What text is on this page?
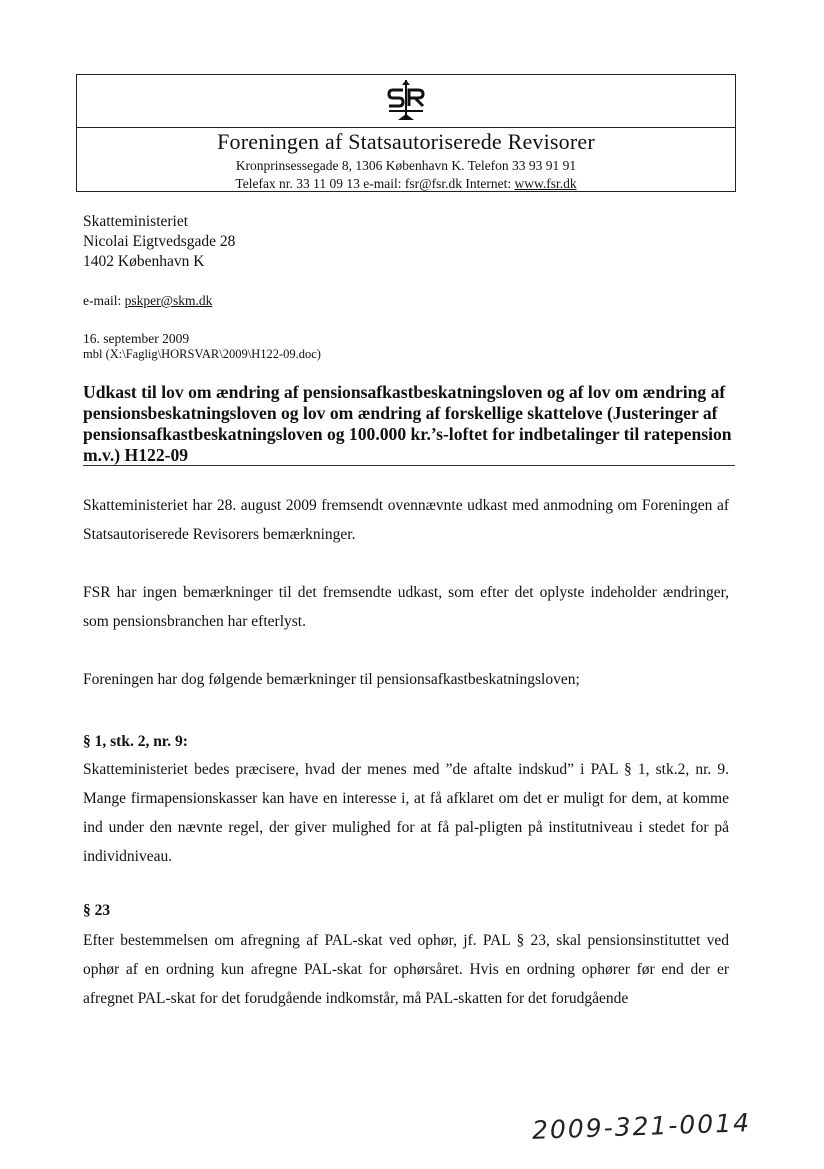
Foreningen af Statsautoriserede Revisorer
Kronprinsessegade 8, 1306 København K. Telefon 33 93 91 91
Telefax nr. 33 11 09 13 e-mail: fsr@fsr.dk Internet: www.fsr.dk
Skatteministeriet
Nicolai Eigtvedsgade 28
1402 København K
e-mail: pskper@skm.dk
16. september 2009
mbl (X:\Faglig\HORSVAR\2009\H122-09.doc)
Udkast til lov om ændring af pensionsafkastbeskatningsloven og af lov om ændring af pensionsbeskatningsloven og lov om ændring af forskellige skattelove (Justeringer af pensionsafkastbeskatningsloven og 100.000 kr.’s-loftet for indbetalinger til ratepension m.v.) H122-09
Skatteministeriet har 28. august 2009 fremsendt ovennævnte udkast med anmodning om Foreningen af Statsautoriserede Revisorers bemærkninger.
FSR har ingen bemærkninger til det fremsendte udkast, som efter det oplyste indeholder ændringer, som pensionsbranchen har efterlyst.
Foreningen har dog følgende bemærkninger til pensionsafkastbeskatningsloven;
§ 1, stk. 2, nr. 9:
Skatteministeriet bedes præcisere, hvad der menes med ”de aftalte indskud” i PAL § 1, stk.2, nr. 9. Mange firmapensionskasser kan have en interesse i, at få afklaret om det er muligt for dem, at komme ind under den nævnte regel, der giver mulighed for at få pal-pligten på institutniveau i stedet for på individniveau.
§ 23
Efter bestemmelsen om afregning af PAL-skat ved ophør, jf. PAL § 23, skal pensionsinstituttet ved ophør af en ordning kun afregne PAL-skat for ophørsåret. Hvis en ordning ophører før end der er afregnet PAL-skat for det forudgående indkomstår, må PAL-skatten for det forudgående
2009-321-0014
